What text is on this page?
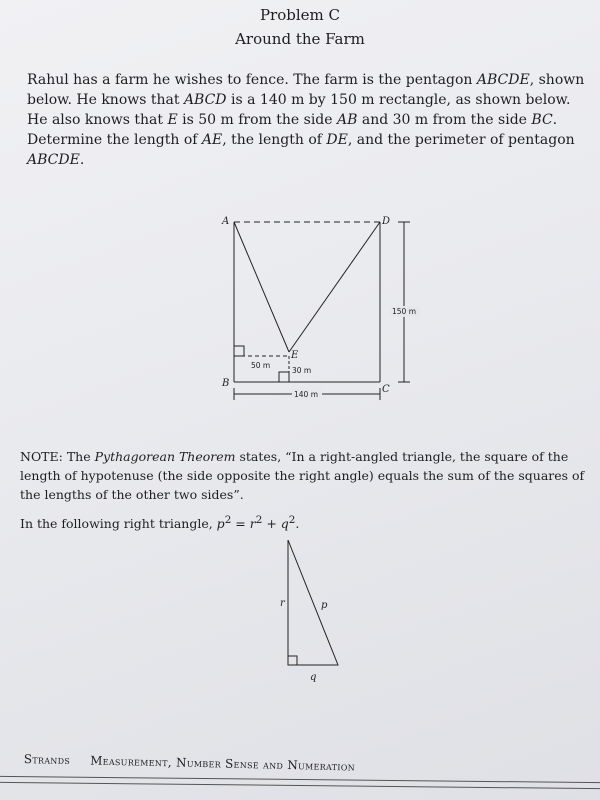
Problem C
Around the Farm

Rahul has a farm he wishes to fence. The farm is the pentagon ABCDE, shown below. He knows that ABCD is a 140 m by 150 m rectangle, as shown below. He also knows that E is 50 m from the side AB and 30 m from the side BC. Determine the length of AE, the length of DE, and the perimeter of pentagon ABCDE.

A
B
C
D
E
150 m
140 m
50 m
30 m
r	p
q

NOTE: The Pythagorean Theorem states, “In a right-angled triangle, the square of the length of hypotenuse (the side opposite the right angle) equals the sum of the squares of the lengths of the other two sides”.

In the following right triangle, $p^2 = r^2 + q^2$.

Strands Measurement, Number Sense and Numeration
